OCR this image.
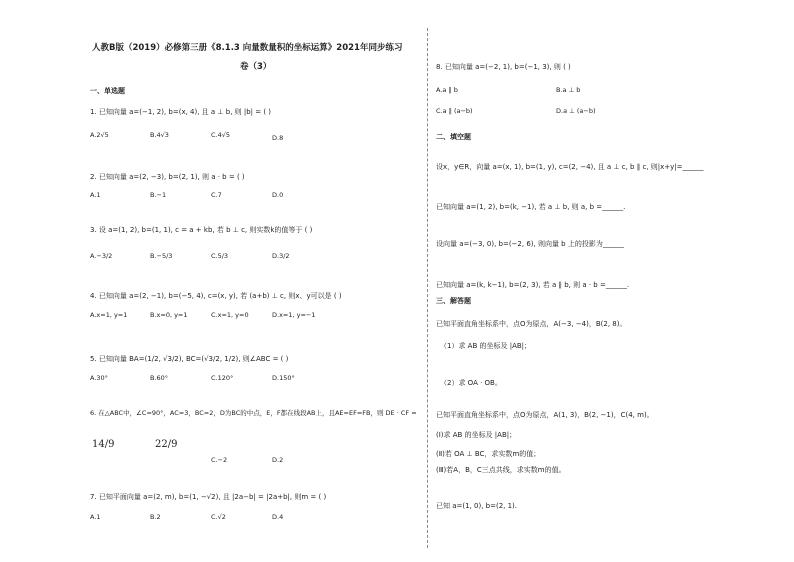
人教B版（2019）必修第三册《8.1.3 向量数量积的坐标运算》2021年同步练习
卷（3）
一、单选题
1. 已知向量 a=(−1, 2), b=(x, 4), 且 a ⊥ b, 则 |b| = ( )
A.2√5	B.4√3	C.4√5	D.8
2. 已知向量 a=(2, −3), b=(2, 1), 则 a · b = ( )
A.1	B.−1	C.7	D.0
3. 设 a=(1, 2), b=(1, 1), c = a + kb, 若 b ⊥ c, 则实数k的值等于 ( )
A.−3/2	B.−5/3	C.5/3	D.3/2
4. 已知向量 a=(2, −1), b=(−5, 4), c=(x, y), 若 (a+b) ⊥ c, 则x、y可以是 ( )
A.x=1, y=1	B.x=0, y=1	C.x=1, y=0	D.x=1, y=−1
5. 已知向量 BA=(1/2, √3/2), BC=(√3/2, 1/2), 则∠ABC = ( )
A.30°	B.60°	C.120°	D.150°
6. 在△ABC中，∠C=90°，AC=3，BC=2，D为BC的中点，E，F都在线段AB上，且AE=EF=FB，则 DE · CF =
14/9	22/9
C.−2	D.2
7. 已知平面向量 a=(2, m), b=(1, −√2), 且 |2a−b| = |2a+b|, 则m = ( )
A.1	B.2	C.√2	D.4
8. 已知向量 a=(−2, 1), b=(−1, 3), 则 ( )
A.a ∥ b	B.a ⊥ b
C.a ∥ (a−b)	D.a ⊥ (a−b)
二、填空题
设x，y∈R，向量 a=(x, 1), b=(1, y), c=(2, −4), 且 a ⊥ c, b ∥ c, 则|x+y|=______
已知向量 a=(1, 2), b=(k, −1), 若 a ⊥ b, 则 a, b =______.
设向量 a=(−3, 0), b=(−2, 6), 则向量 b 上的投影为______
已知向量 a=(k, k−1), b=(2, 3), 若 a ∥ b, 则 a · b =______.
三、解答题
已知平面直角坐标系中，点O为原点，A(−3, −4)，B(2, 8)。
（1）求 AB 的坐标及 |AB|；
（2）求 OA · OB。
已知平面直角坐标系中，点O为原点，A(1, 3)，B(2, −1)，C(4, m)。
(Ⅰ)求 AB 的坐标及 |AB|；
(Ⅱ)若 OA ⊥ BC，求实数m的值；
(Ⅲ)若A，B，C三点共线，求实数m的值。
已知 a=(1, 0), b=(2, 1).
